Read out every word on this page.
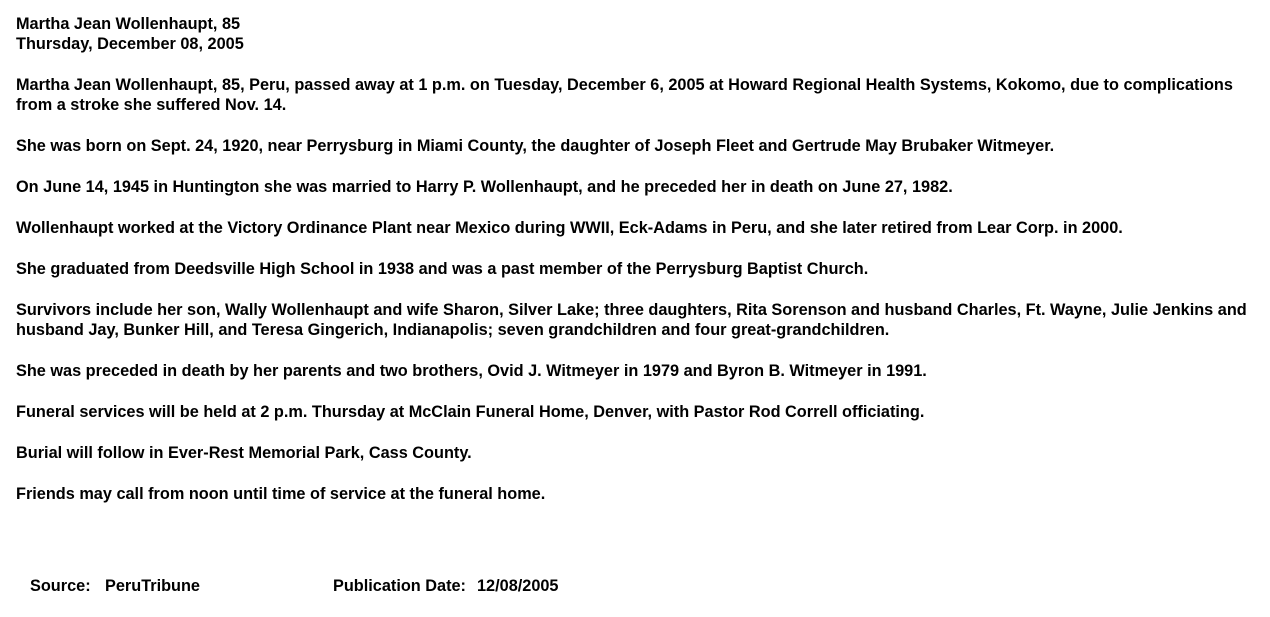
Martha Jean Wollenhaupt, 85
Thursday, December 08, 2005

Martha Jean Wollenhaupt, 85, Peru, passed away at 1 p.m. on Tuesday, December 6, 2005 at Howard Regional Health Systems, Kokomo, due to complications from a stroke she suffered Nov. 14.

She was born on Sept. 24, 1920, near Perrysburg in Miami County, the daughter of Joseph Fleet and Gertrude May Brubaker Witmeyer.

On June 14, 1945 in Huntington she was married to Harry P. Wollenhaupt, and he preceded her in death on June 27, 1982.

Wollenhaupt worked at the Victory Ordinance Plant near Mexico during WWII, Eck-Adams in Peru, and she later retired from Lear Corp. in 2000.

She graduated from Deedsville High School in 1938 and was a past member of the Perrysburg Baptist Church.

Survivors include her son, Wally Wollenhaupt and wife Sharon, Silver Lake; three daughters, Rita Sorenson and husband Charles, Ft. Wayne, Julie Jenkins and husband Jay, Bunker Hill, and Teresa Gingerich, Indianapolis; seven grandchildren and four great-grandchildren.

She was preceded in death by her parents and two brothers, Ovid J. Witmeyer in 1979 and Byron B. Witmeyer in 1991.

Funeral services will be held at 2 p.m. Thursday at McClain Funeral Home, Denver, with Pastor Rod Correll officiating.

Burial will follow in Ever-Rest Memorial Park, Cass County.

Friends may call from noon until time of service at the funeral home.

Source: PeruTribune	Publication Date: 12/08/2005
